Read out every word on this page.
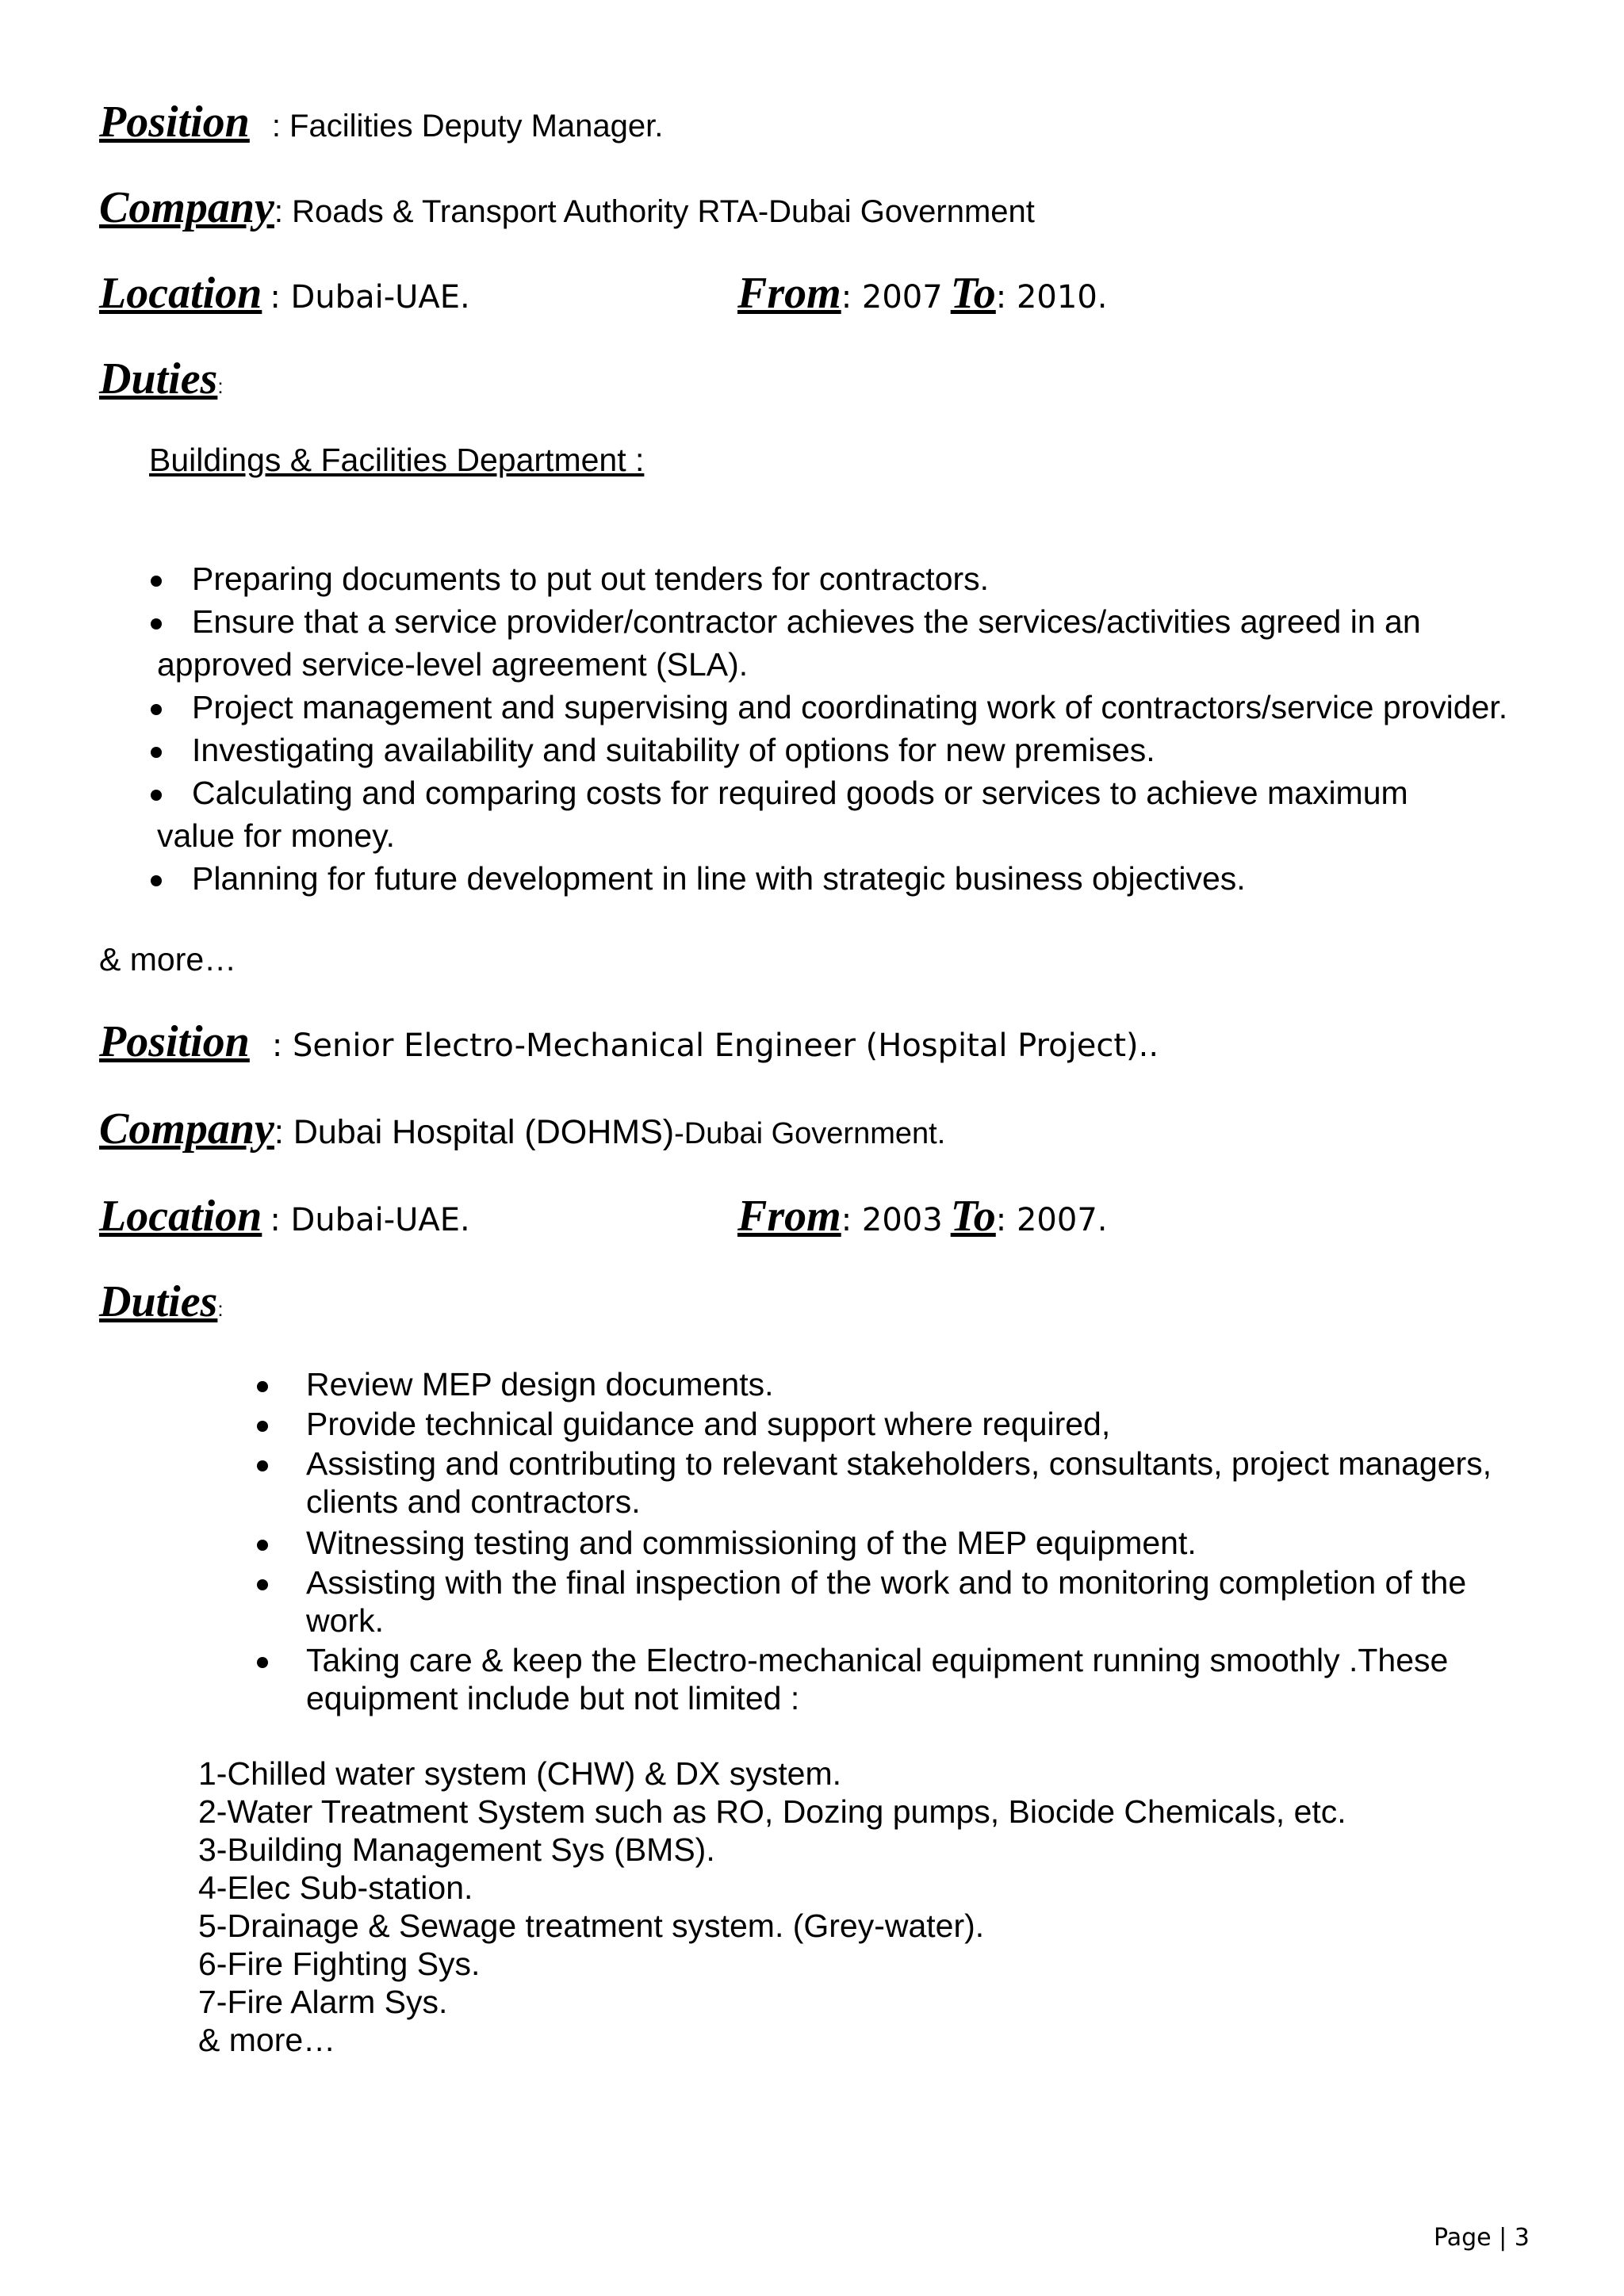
Position : Facilities Deputy Manager.
Company: Roads & Transport Authority RTA-Dubai Government
Location : Dubai-UAE.	From: 2007 To: 2010.
Duties:
Buildings & Facilities Department :
Preparing documents to put out tenders for contractors.
Ensure that a service provider/contractor achieves the services/activities agreed in an
approved service-level agreement (SLA).
Project management and supervising and coordinating work of contractors/service provider.
Investigating availability and suitability of options for new premises.
Calculating and comparing costs for required goods or services to achieve maximum
value for money.
Planning for future development in line with strategic business objectives.
& more…
Position : Senior Electro-Mechanical Engineer (Hospital Project)..
Company: Dubai Hospital (DOHMS)-Dubai Government.
Location : Dubai-UAE.	From: 2003 To: 2007.
Duties:
Review MEP design documents.
Provide technical guidance and support where required,
Assisting and contributing to relevant stakeholders, consultants, project managers,
clients and contractors.
Witnessing testing and commissioning of the MEP equipment.
Assisting with the final inspection of the work and to monitoring completion of the
work.
Taking care & keep the Electro-mechanical equipment running smoothly .These
equipment include but not limited :
1-Chilled water system (CHW) & DX system.
2-Water Treatment System such as RO, Dozing pumps, Biocide Chemicals, etc.
3-Building Management Sys (BMS).
4-Elec Sub-station.
5-Drainage & Sewage treatment system. (Grey-water).
6-Fire Fighting Sys.
7-Fire Alarm Sys.
& more…
Page | 3
